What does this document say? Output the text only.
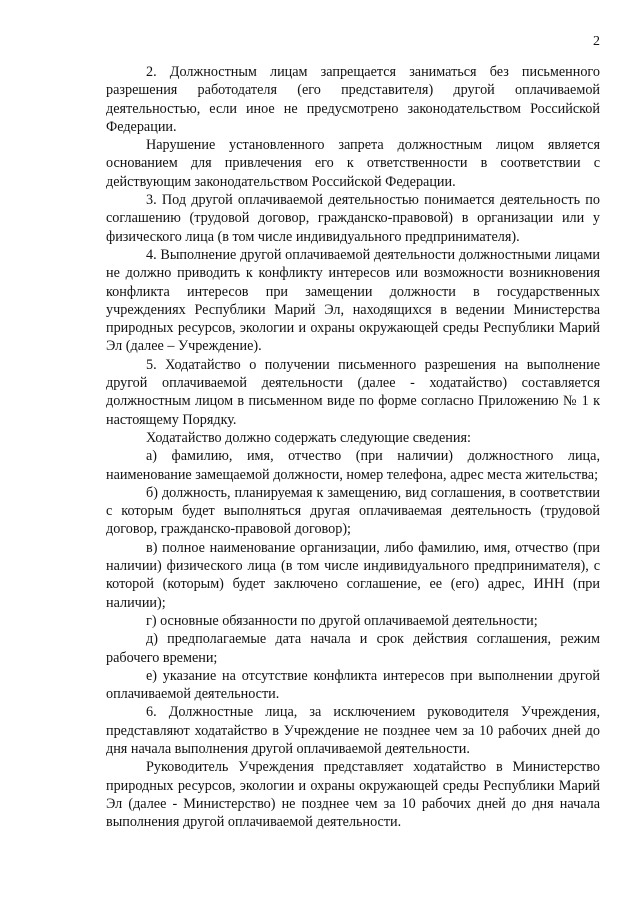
2

2. Должностным лицам запрещается заниматься без письменного разрешения работодателя (его представителя) другой оплачиваемой деятельностью, если иное не предусмотрено законодательством Российской Федерации.

Нарушение установленного запрета должностным лицом является основанием для привлечения его к ответственности в соответствии с действующим законодательством Российской Федерации.

3. Под другой оплачиваемой деятельностью понимается деятельность по соглашению (трудовой договор, гражданско-правовой) в организации или у физического лица (в том числе индивидуального предпринимателя).

4. Выполнение другой оплачиваемой деятельности должностными лицами не должно приводить к конфликту интересов или возможности возникновения конфликта интересов при замещении должности в государственных учреждениях Республики Марий Эл, находящихся в ведении Министерства природных ресурсов, экологии и охраны окружающей среды Республики Марий Эл (далее – Учреждение).

5. Ходатайство о получении письменного разрешения на выполнение другой оплачиваемой деятельности (далее - ходатайство) составляется должностным лицом в письменном виде по форме согласно Приложению № 1 к настоящему Порядку.

Ходатайство должно содержать следующие сведения:

а) фамилию, имя, отчество (при наличии) должностного лица, наименование замещаемой должности, номер телефона, адрес места жительства;

б) должность, планируемая к замещению, вид соглашения, в соответствии с которым будет выполняться другая оплачиваемая деятельность (трудовой договор, гражданско-правовой договор);

в) полное наименование организации, либо фамилию, имя, отчество (при наличии) физического лица (в том числе индивидуального предпринимателя), с которой (которым) будет заключено соглашение, ее (его) адрес, ИНН (при наличии);

г) основные обязанности по другой оплачиваемой деятельности;

д) предполагаемые дата начала и срок действия соглашения, режим рабочего времени;

е) указание на отсутствие конфликта интересов при выполнении другой оплачиваемой деятельности.

6. Должностные лица, за исключением руководителя Учреждения, представляют ходатайство в Учреждение не позднее чем за 10 рабочих дней до дня начала выполнения другой оплачиваемой деятельности.

Руководитель Учреждения представляет ходатайство в Министерство природных ресурсов, экологии и охраны окружающей среды Республики Марий Эл (далее - Министерство) не позднее чем за 10 рабочих дней до дня начала выполнения другой оплачиваемой деятельности.
